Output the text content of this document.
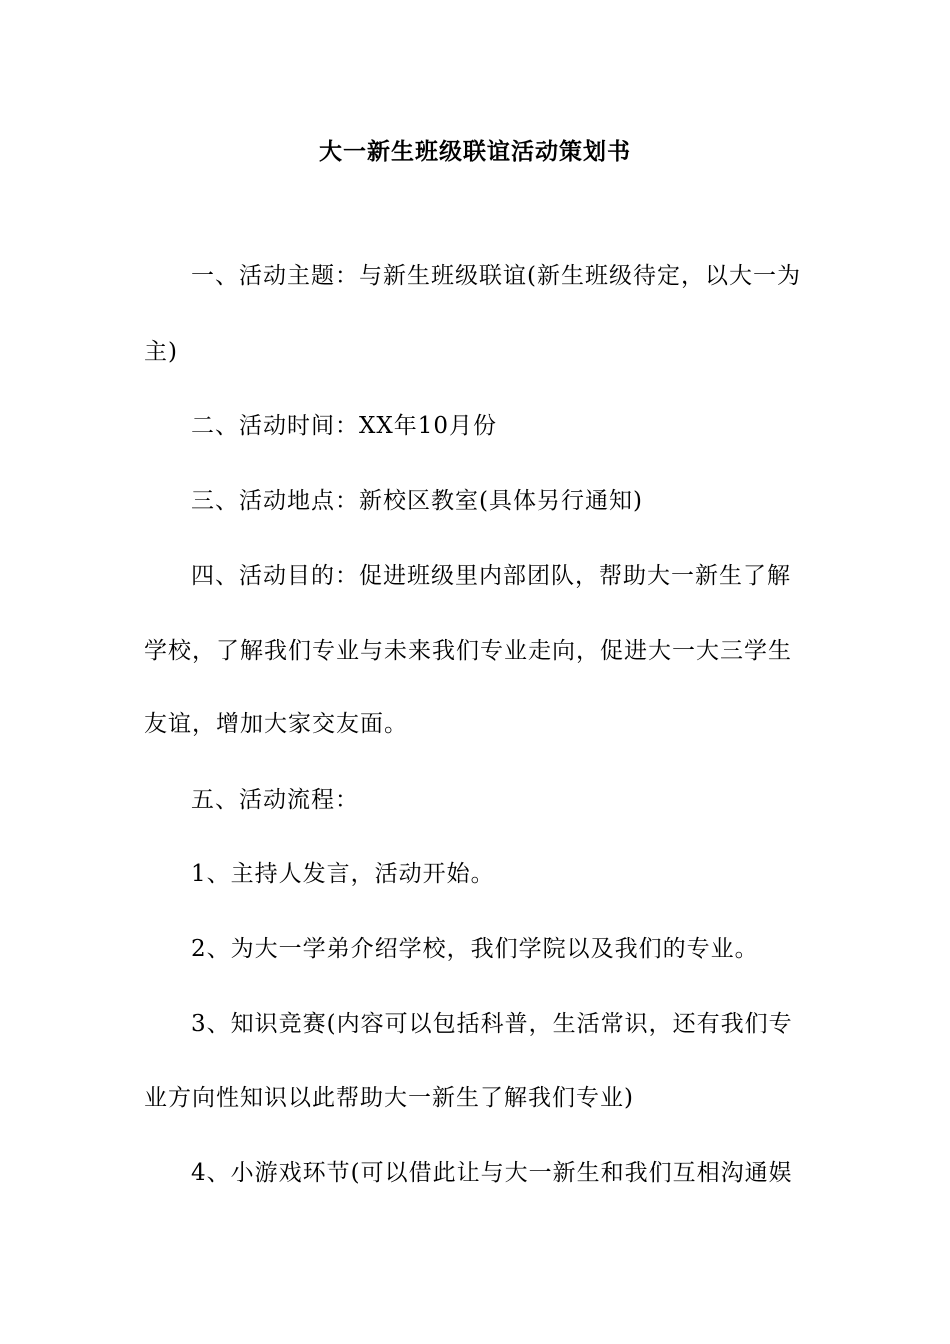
大一新生班级联谊活动策划书
一、活动主题：与新生班级联谊(新生班级待定，以大一为
主)
二、活动时间：XX年10月份
三、活动地点：新校区教室(具体另行通知)
四、活动目的：促进班级里内部团队，帮助大一新生了解
学校，了解我们专业与未来我们专业走向，促进大一大三学生
友谊，增加大家交友面。
五、活动流程：
1、主持人发言，活动开始。
2、为大一学弟介绍学校，我们学院以及我们的专业。
3、知识竞赛(内容可以包括科普，生活常识，还有我们专
业方向性知识以此帮助大一新生了解我们专业)
4、小游戏环节(可以借此让与大一新生和我们互相沟通娱
